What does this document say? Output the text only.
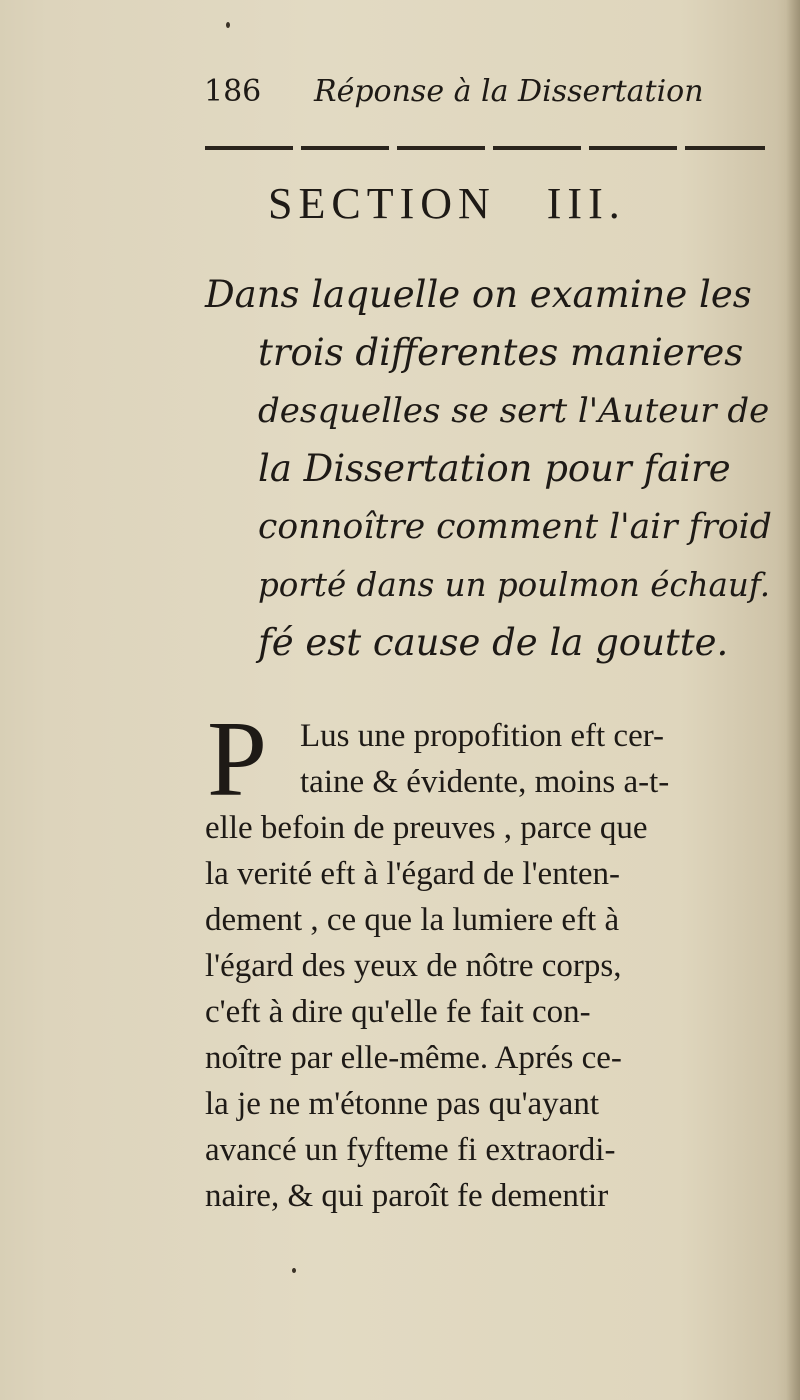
186 Réponse à la Dissertation
SECTION   III.
Dans laquelle on examine les
trois differentes manieres
desquelles se sert l'Auteur de
la Dissertation pour faire
connoître comment l'air froid
porté dans un poulmon échauf.
fé est cause de la goutte.
P Lus une propofition eft cer-
taine & évidente, moins a-t-
elle befoin de preuves , parce que
la verité eft à l'égard de l'enten-
dement , ce que la lumiere eft à
l'égard des yeux de nôtre corps,
c'eft à dire qu'elle fe fait con-
noître par elle-même. Aprés ce-
la je ne m'étonne pas qu'ayant
avancé un fyfteme fi extraordi-
naire, & qui paroît fe dementir
